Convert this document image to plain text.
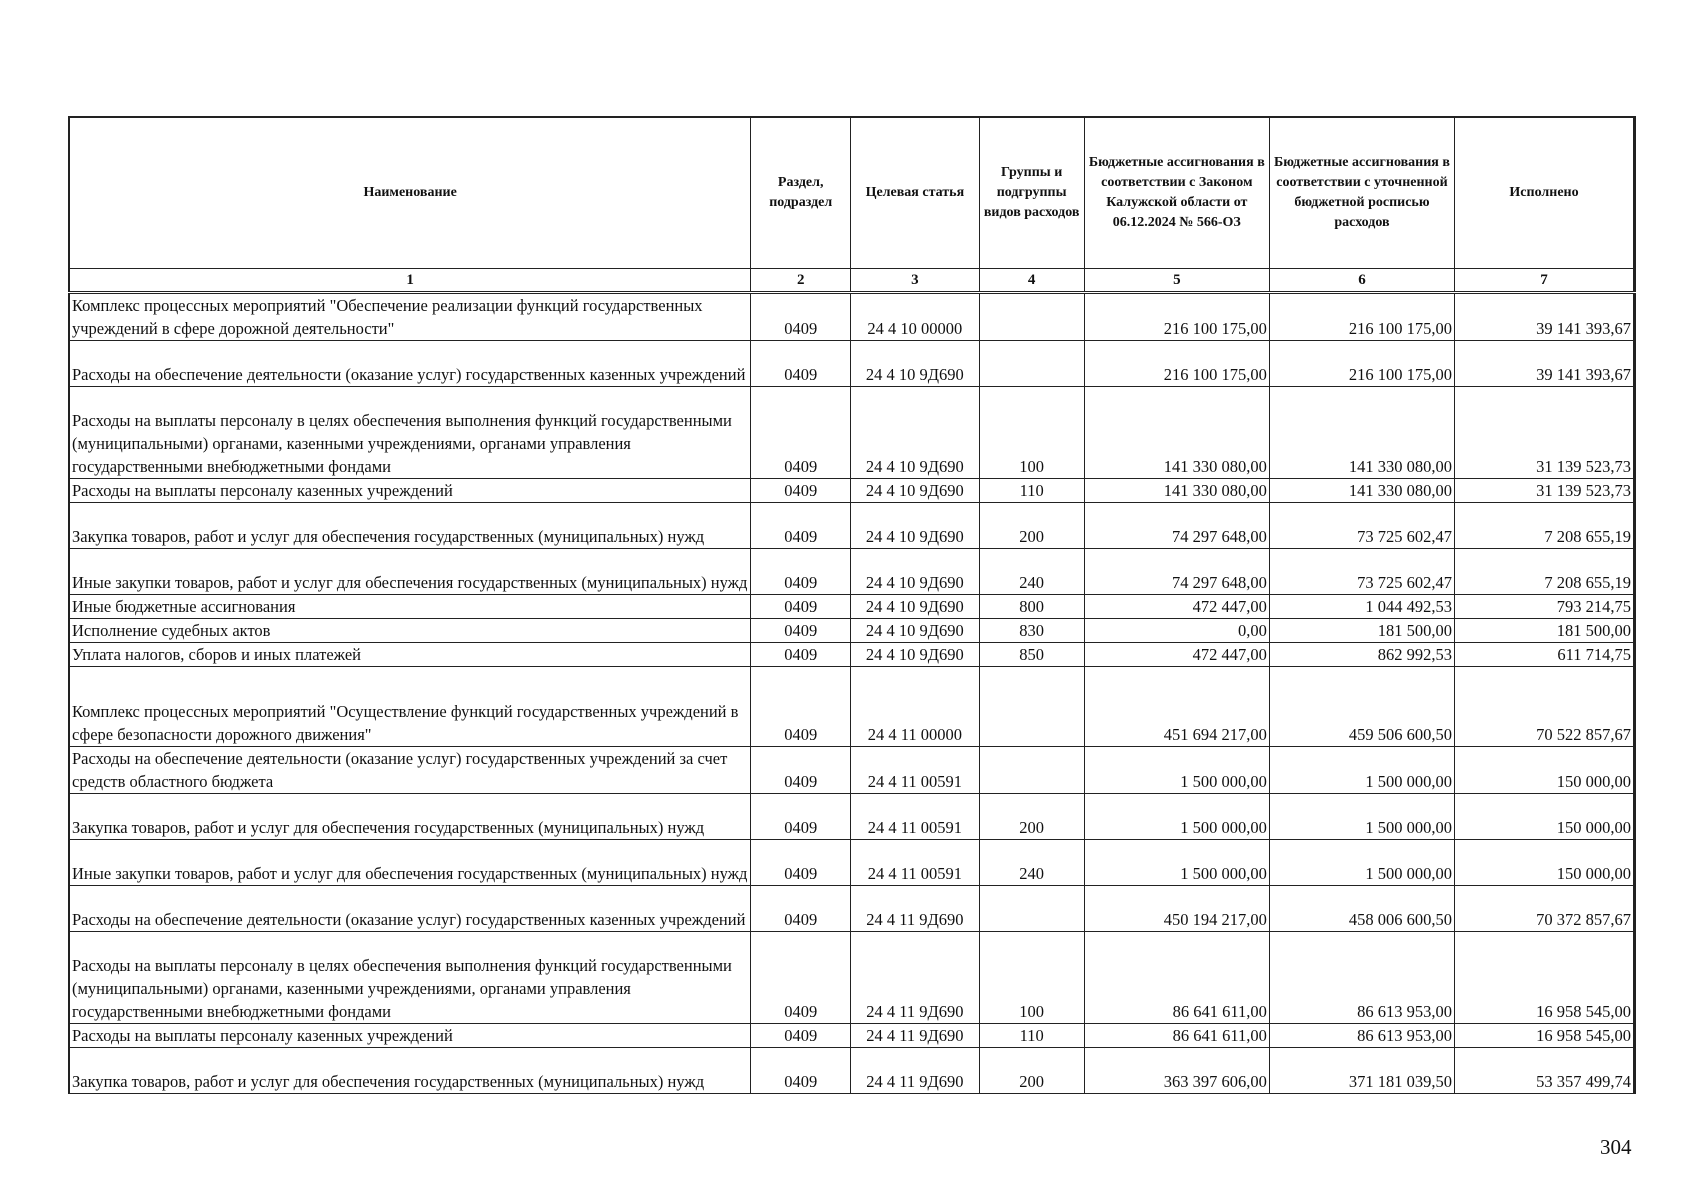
Наименование	Раздел, подраздел	Целевая статья	Группы и подгруппы видов расходов	Бюджетные ассигнования в соответствии с Законом Калужской области от 06.12.2024 № 566-ОЗ	Бюджетные ассигнования в соответствии с уточненной бюджетной росписью расходов	Исполнено
1	2	3	4	5	6	7
Комплекс процессных мероприятий "Обеспечение реализации функций государственных учреждений в сфере дорожной деятельности"	0409	24 4 10 00000		216 100 175,00	216 100 175,00	39 141 393,67
Расходы на обеспечение деятельности (оказание услуг) государственных казенных учреждений	0409	24 4 10 9Д690		216 100 175,00	216 100 175,00	39 141 393,67
Расходы на выплаты персоналу в целях обеспечения выполнения функций государственными (муниципальными) органами, казенными учреждениями, органами управления государственными внебюджетными фондами	0409	24 4 10 9Д690	100	141 330 080,00	141 330 080,00	31 139 523,73
Расходы на выплаты персоналу казенных учреждений	0409	24 4 10 9Д690	110	141 330 080,00	141 330 080,00	31 139 523,73
Закупка товаров, работ и услуг для обеспечения государственных (муниципальных) нужд	0409	24 4 10 9Д690	200	74 297 648,00	73 725 602,47	7 208 655,19
Иные закупки товаров, работ и услуг для обеспечения государственных (муниципальных) нужд	0409	24 4 10 9Д690	240	74 297 648,00	73 725 602,47	7 208 655,19
Иные бюджетные ассигнования	0409	24 4 10 9Д690	800	472 447,00	1 044 492,53	793 214,75
Исполнение судебных актов	0409	24 4 10 9Д690	830	0,00	181 500,00	181 500,00
Уплата налогов, сборов и иных платежей	0409	24 4 10 9Д690	850	472 447,00	862 992,53	611 714,75
Комплекс процессных мероприятий "Осуществление функций государственных учреждений в сфере безопасности дорожного движения"	0409	24 4 11 00000		451 694 217,00	459 506 600,50	70 522 857,67
Расходы на обеспечение деятельности (оказание услуг) государственных учреждений за счет средств областного бюджета	0409	24 4 11 00591		1 500 000,00	1 500 000,00	150 000,00
Закупка товаров, работ и услуг для обеспечения государственных (муниципальных) нужд	0409	24 4 11 00591	200	1 500 000,00	1 500 000,00	150 000,00
Иные закупки товаров, работ и услуг для обеспечения государственных (муниципальных) нужд	0409	24 4 11 00591	240	1 500 000,00	1 500 000,00	150 000,00
Расходы на обеспечение деятельности (оказание услуг) государственных казенных учреждений	0409	24 4 11 9Д690		450 194 217,00	458 006 600,50	70 372 857,67
Расходы на выплаты персоналу в целях обеспечения выполнения функций государственными (муниципальными) органами, казенными учреждениями, органами управления государственными внебюджетными фондами	0409	24 4 11 9Д690	100	86 641 611,00	86 613 953,00	16 958 545,00
Расходы на выплаты персоналу казенных учреждений	0409	24 4 11 9Д690	110	86 641 611,00	86 613 953,00	16 958 545,00
Закупка товаров, работ и услуг для обеспечения государственных (муниципальных) нужд	0409	24 4 11 9Д690	200	363 397 606,00	371 181 039,50	53 357 499,74
304
